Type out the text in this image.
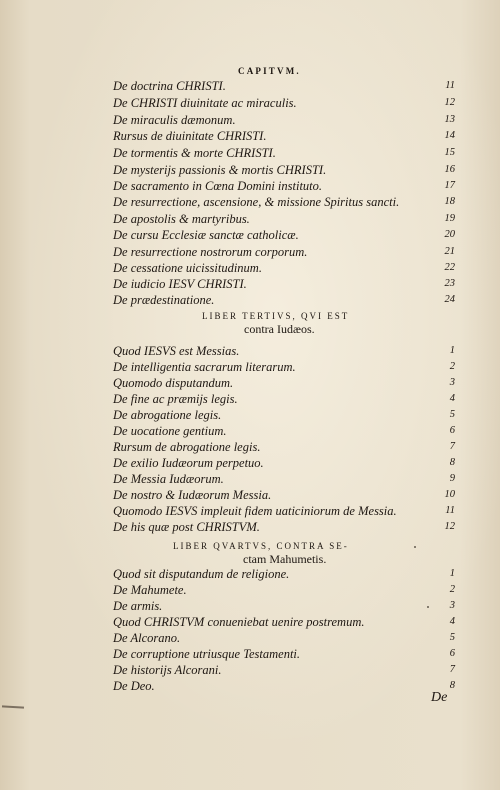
CAPITVM.
De doctrina CHRISTI.	11
De CHRISTI diuinitate ac miraculis.	12
De miraculis dæmonum.	13
Rursus de diuinitate CHRISTI.	14
De tormentis & morte CHRISTI.	15
De mysterijs passionis & mortis CHRISTI.	16
De sacramento in Cœna Domini instituto.	17
De resurrectione, ascensione, & missione Spiritus sancti.	18
De apostolis & martyribus.	19
De cursu Ecclesiæ sanctæ catholicæ.	20
De resurrectione nostrorum corporum.	21
De cessatione uicissitudinum.	22
De iudicio IESV CHRISTI.	23
De prædestinatione.	24
LIBER TERTIVS, QVI EST
contra Iudæos.
Quod IESVS est Messias.	1
De intelligentia sacrarum literarum.	2
Quomodo disputandum.	3
De fine ac præmijs legis.	4
De abrogatione legis.	5
De uocatione gentium.	6
Rursum de abrogatione legis.	7
De exilio Iudæorum perpetuo.	8
De Messia Iudæorum.	9
De nostro & Iudæorum Messia.	10
Quomodo IESVS impleuit fidem uaticiniorum de Messia.	11
De his quæ post CHRISTVM.	12
LIBER QVARTVS, CONTRA SE-
ctam Mahumetis.
Quod sit disputandum de religione.	1
De Mahumete.	2
De armis.	3
Quod CHRISTVM conueniebat uenire postremum.	4
De Alcorano.	5
De corruptione utriusque Testamenti.	6
De historijs Alcorani.	7
De Deo.	8
De
